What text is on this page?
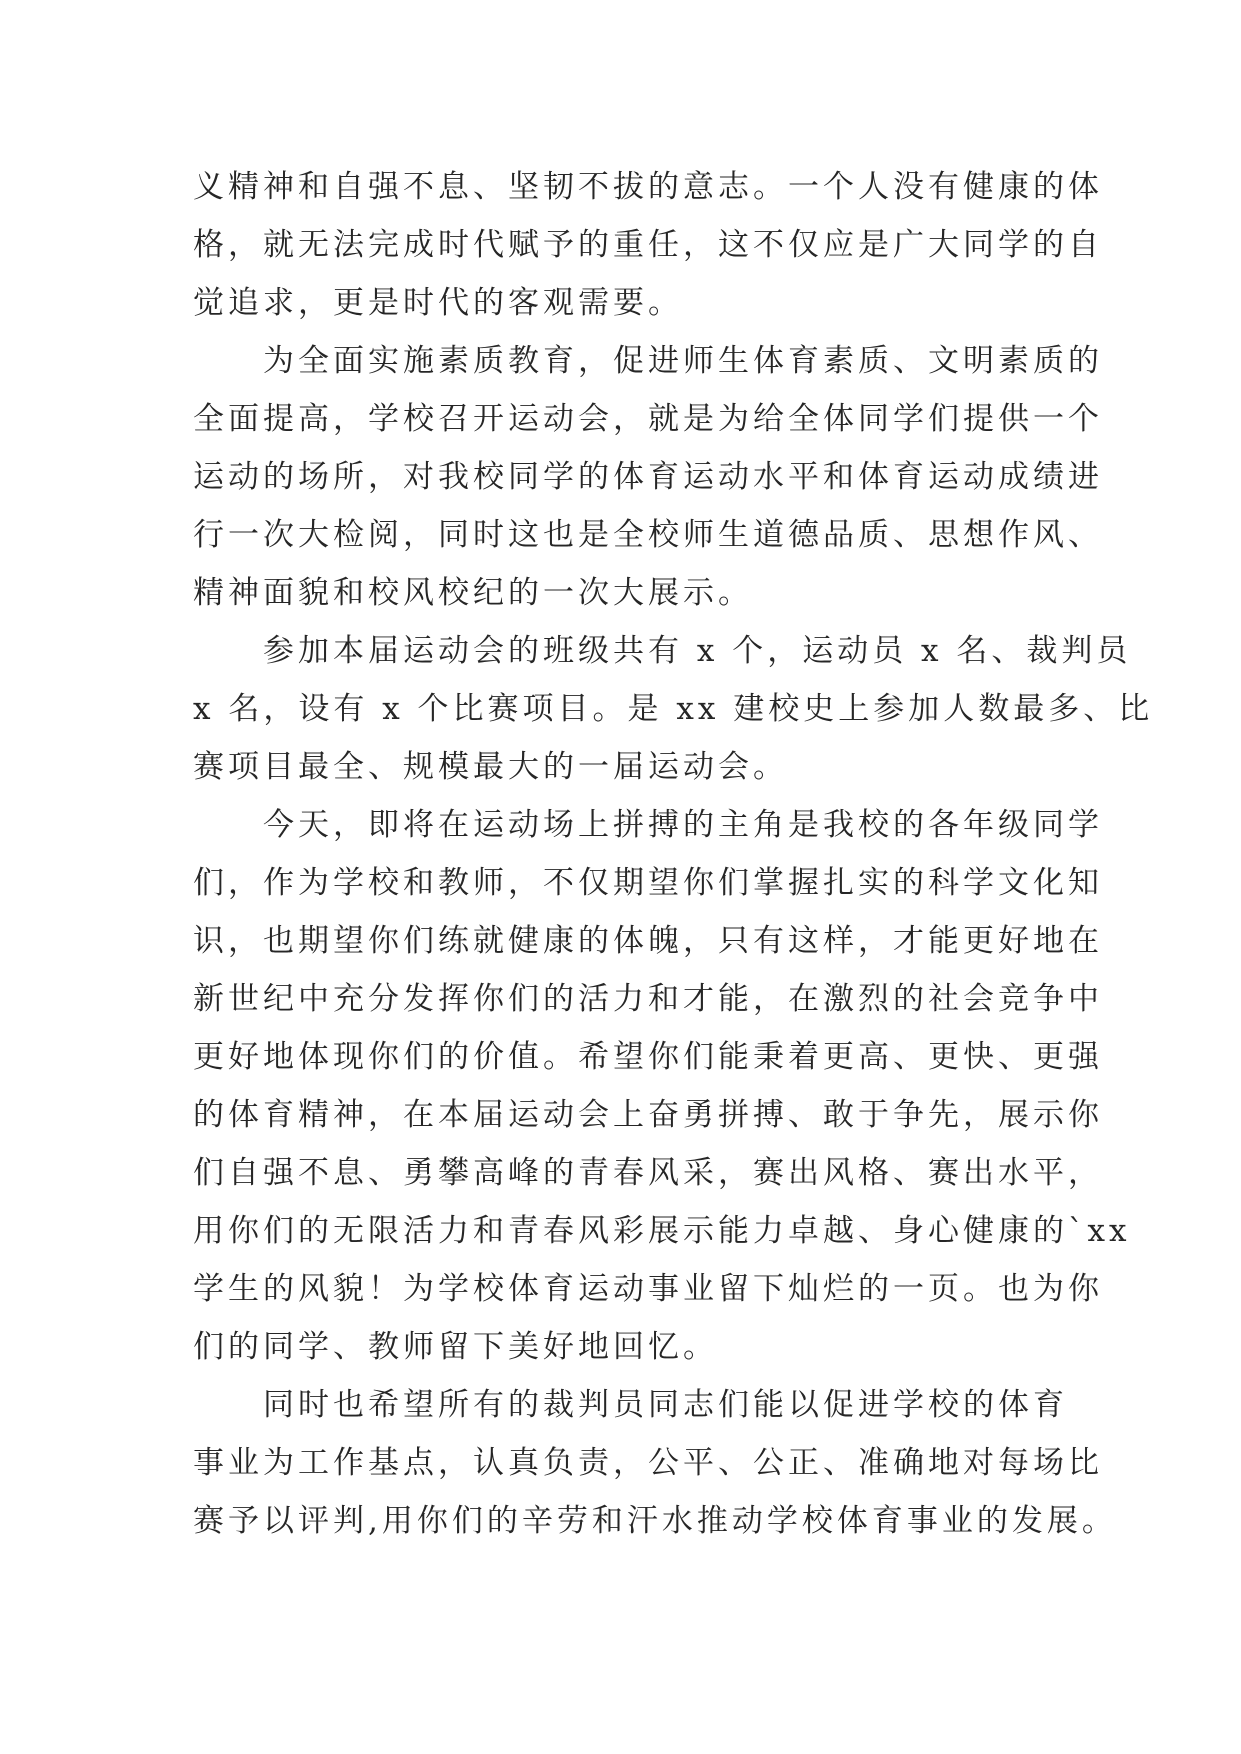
义精神和自强不息、坚韧不拔的意志。一个人没有健康的体
格，就无法完成时代赋予的重任，这不仅应是广大同学的自
觉追求，更是时代的客观需要。
为全面实施素质教育，促进师生体育素质、文明素质的
全面提高，学校召开运动会，就是为给全体同学们提供一个
运动的场所，对我校同学的体育运动水平和体育运动成绩进
行一次大检阅，同时这也是全校师生道德品质、思想作风、
精神面貌和校风校纪的一次大展示。
参加本届运动会的班级共有 x 个，运动员 x 名、裁判员
x 名，设有 x 个比赛项目。是 xx 建校史上参加人数最多、比
赛项目最全、规模最大的一届运动会。
今天，即将在运动场上拼搏的主角是我校的各年级同学
们，作为学校和教师，不仅期望你们掌握扎实的科学文化知
识，也期望你们练就健康的体魄，只有这样，才能更好地在
新世纪中充分发挥你们的活力和才能，在激烈的社会竞争中
更好地体现你们的价值。希望你们能秉着更高、更快、更强
的体育精神，在本届运动会上奋勇拼搏、敢于争先，展示你
们自强不息、勇攀高峰的青春风采，赛出风格、赛出水平，
用你们的无限活力和青春风彩展示能力卓越、身心健康的`xx
学生的风貌！为学校体育运动事业留下灿烂的一页。也为你
们的同学、教师留下美好地回忆。
同时也希望所有的裁判员同志们能以促进学校的体育
事业为工作基点，认真负责，公平、公正、准确地对每场比
赛予以评判,用你们的辛劳和汗水推动学校体育事业的发展。
